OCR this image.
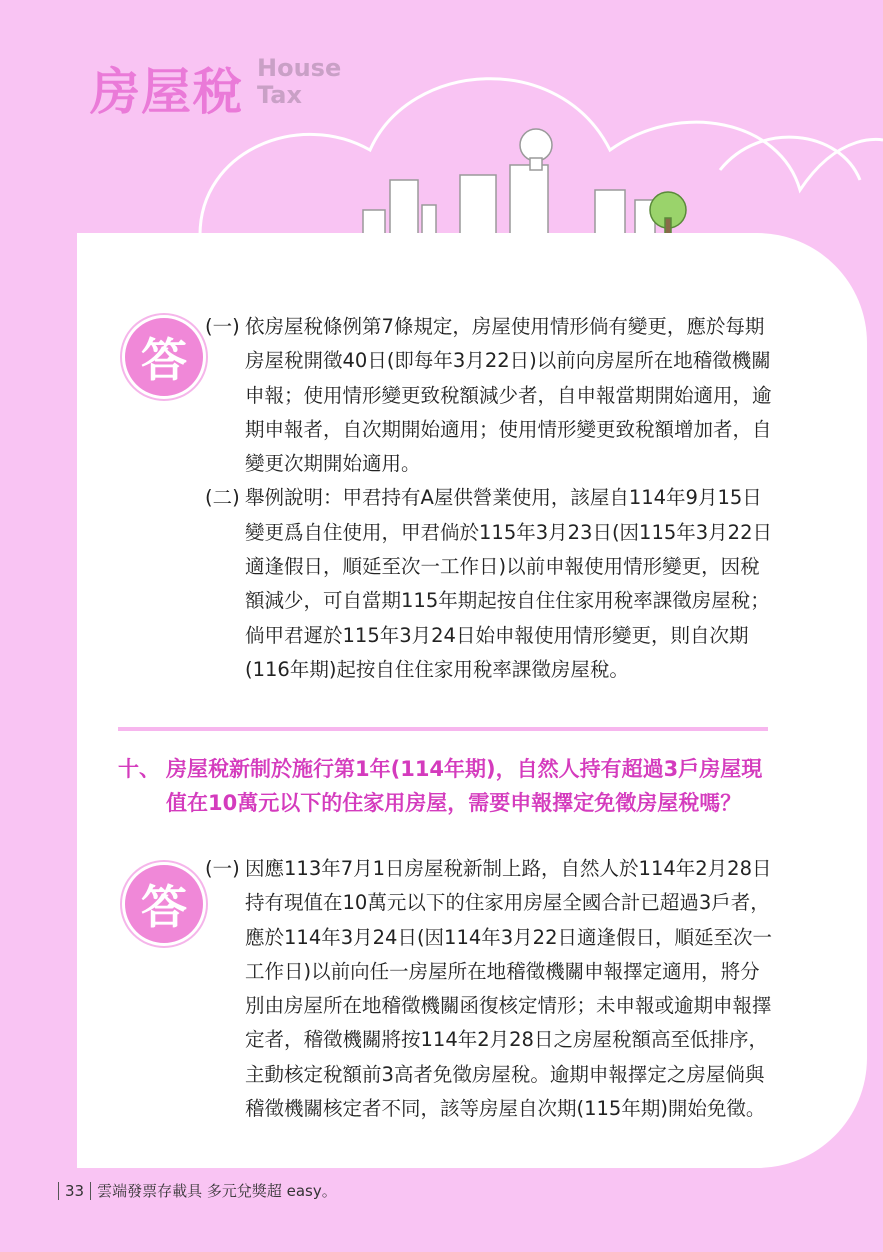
房屋稅 House
Tax
答
(一) 依房屋稅條例第7條規定，房屋使用情形倘有變更，應於每期房屋稅開徵40日(即每年3月22日)以前向房屋所在地稽徵機關申報；使用情形變更致稅額減少者，自申報當期開始適用，逾期申報者，自次期開始適用；使用情形變更致稅額增加者，自變更次期開始適用。
(二) 舉例說明：甲君持有A屋供營業使用，該屋自114年9月15日變更爲自住使用，甲君倘於115年3月23日(因115年3月22日適逢假日，順延至次一工作日)以前申報使用情形變更，因稅額減少，可自當期115年期起按自住住家用稅率課徵房屋稅；倘甲君遲於115年3月24日始申報使用情形變更，則自次期(116年期)起按自住住家用稅率課徵房屋稅。
十、 房屋稅新制於施行第1年(114年期)，自然人持有超過3戶房屋現值在10萬元以下的住家用房屋，需要申報擇定免徵房屋稅嗎？
答
(一) 因應113年7月1日房屋稅新制上路，自然人於114年2月28日持有現值在10萬元以下的住家用房屋全國合計已超過3戶者，應於114年3月24日(因114年3月22日適逢假日，順延至次一工作日)以前向任一房屋所在地稽徵機關申報擇定適用，將分別由房屋所在地稽徵機關函復核定情形；未申報或逾期申報擇定者，稽徵機關將按114年2月28日之房屋稅額高至低排序，主動核定稅額前3高者免徵房屋稅。逾期申報擇定之房屋倘與稽徵機關核定者不同，該等房屋自次期(115年期)開始免徵。
33 雲端發票存載具 多元兌獎超 easy。
